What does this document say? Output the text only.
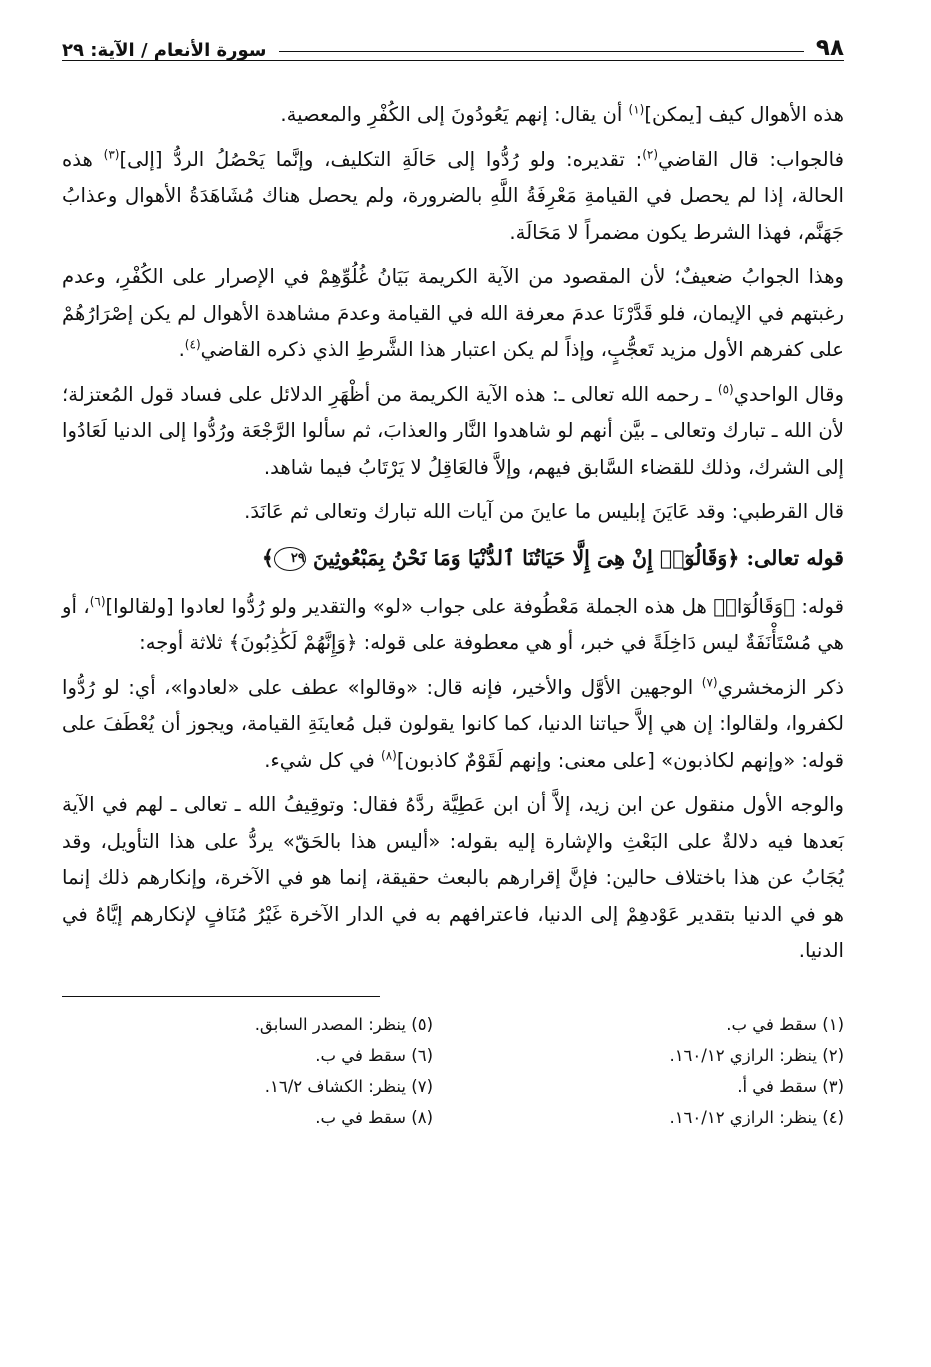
٩٨
سورة الأنعام / الآية: ٢٩

هذه الأهوال كيف [يمكن]$^{(١)}$ أن يقال: إنهم يَعُودُونَ إلى الكُفْرِ والمعصية.

فالجواب: قال القاضي$^{(٢)}$: تقديره: ولو رُدُّوا إلى حَالَةِ التكليف، وإنَّما يَحْصُلُ الردُّ [إلى]$^{(٣)}$ هذه الحالة، إذا لم يحصل في القيامةِ مَعْرِفَةُ اللَّهِ بالضرورة، ولم يحصل هناك مُشَاهَدَةُ الأهوال وعذابُ جَهَنَّم، فهذا الشرط يكون مضمراً لا مَحَالَة.

وهذا الجوابُ ضعيفٌ؛ لأن المقصود من الآية الكريمة بَيَانُ غُلُوِّهِمْ في الإصرار على الكُفْرِ، وعدم رغبتهم في الإيمان، فلو قَدَّرْنَا عدمَ معرفة الله في القيامة وعدمَ مشاهدة الأهوال لم يكن إصْرَارُهُمْ على كفرهم الأول مزيد تَعجُّبٍ، وإذاً لم يكن اعتبار هذا الشَّرطِ الذي ذكره القاضي$^{(٤)}$.

وقال الواحدي$^{(٥)}$ ـ رحمه الله تعالى ـ: هذه الآية الكريمة من أظْهَرِ الدلائل على فساد قول المُعتزلة؛ لأن الله ـ تبارك وتعالى ـ بيَّن أنهم لو شاهدوا النَّار والعذابَ، ثم سألوا الرَّجْعَة ورُدُّوا إلى الدنيا لَعَادُوا إلى الشرك، وذلك للقضاء السَّابق فيهم، وإلاَّ فالعَاقِلُ لا يَرْتَابُ فيما شاهد.

قال القرطبي: وقد عَايَنَ إبليس ما عاينَ من آيات الله تبارك وتعالى ثم عَانَدَ.

قوله تعالى: ﴿وَقَالُوٓا۟ إِنْ هِىَ إِلَّا حَيَاتُنَا ٱلدُّنْيَا وَمَا نَحْنُ بِمَبْعُوثِينَ ٢٩﴾

قوله: ﴿وَقَالُوٓا۟﴾ هل هذه الجملة مَعْطُوفة على جواب «لو» والتقدير ولو رُدُّوا لعادوا [ولقالوا]$^{(٦)}$، أو هي مُسْتَأْنَفَةٌ ليس دَاخِلَةً في خبر، أو هي معطوفة على قوله: ﴿وَإِنَّهُمْ لَكَٰذِبُونَ﴾ ثلاثة أوجه:

ذكر الزمخشري$^{(٧)}$ الوجهين الأوَّل والأخير، فإنه قال: «وقالوا» عطف على «لعادوا»، أي: لو رُدُّوا لكفروا، ولقالوا: إن هي إلاَّ حياتنا الدنيا، كما كانوا يقولون قبل مُعاينَةِ القيامة، ويجوز أن يُعْطَفَ على قوله: «وإنهم لكاذبون» [على معنى: وإنهم لَقَوْمٌ كاذبون]$^{(٨)}$ في كل شيء.

والوجه الأول منقول عن ابن زيد، إلاَّ أن ابن عَطِيَّة ردَّهُ فقال: وتوقِيفُ الله ـ تعالى ـ لهم في الآية بَعدها فيه دلالةٌ على البَعْثِ والإشارة إليه بقوله: «أليس هذا بالحَقّ» يردُّ على هذا التأويل، وقد يُجَابُ عن هذا باختلاف حالين: فإنَّ إقرارهم بالبعث حقيقة، إنما هو في الآخرة، وإنكارهم ذلك إنما هو في الدنيا بتقدير عَوْدهِمْ إلى الدنيا، فاعترافهم به في الدار الآخرة غَيْرُ مُنَافٍ لإنكارهم إيَّاهُ في الدنيا.

(١) سقط في ب.
(٥) ينظر: المصدر السابق.
(٢) ينظر: الرازي ١٦٠/١٢.
(٦) سقط في ب.
(٣) سقط في أ.
(٧) ينظر: الكشاف ١٦/٢.
(٤) ينظر: الرازي ١٦٠/١٢.
(٨) سقط في ب.
